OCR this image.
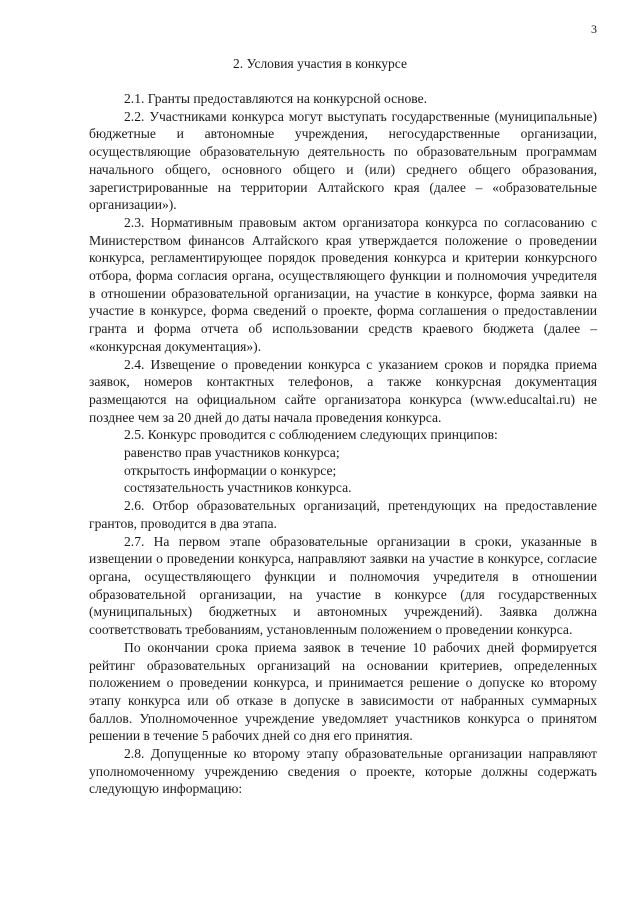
3
2. Условия участия в конкурсе

2.1. Гранты предоставляются на конкурсной основе.

2.2. Участниками конкурса могут выступать государственные (муниципальные) бюджетные и автономные учреждения, негосударственные организации, осуществляющие образовательную деятельность по образовательным программам начального общего, основного общего и (или) среднего общего образования, зарегистрированные на территории Алтайского края (далее – «образовательные организации»).

2.3. Нормативным правовым актом организатора конкурса по согласованию с Министерством финансов Алтайского края утверждается положение о проведении конкурса, регламентирующее порядок проведения конкурса и критерии конкурсного отбора, форма согласия органа, осуществляющего функции и полномочия учредителя в отношении образовательной организации, на участие в конкурсе, форма заявки на участие в конкурсе, форма сведений о проекте, форма соглашения о предоставлении гранта и форма отчета об использовании средств краевого бюджета (далее – «конкурсная документация»).

2.4. Извещение о проведении конкурса с указанием сроков и порядка приема заявок, номеров контактных телефонов, а также конкурсная документация размещаются на официальном сайте организатора конкурса (www.educaltai.ru) не позднее чем за 20 дней до даты начала проведения конкурса.

2.5. Конкурс проводится с соблюдением следующих принципов:

равенство прав участников конкурса;

открытость информации о конкурсе;

состязательность участников конкурса.

2.6. Отбор образовательных организаций, претендующих на предоставление грантов, проводится в два этапа.

2.7. На первом этапе образовательные организации в сроки, указанные в извещении о проведении конкурса, направляют заявки на участие в конкурсе, согласие органа, осуществляющего функции и полномочия учредителя в отношении образовательной организации, на участие в конкурсе (для государственных (муниципальных) бюджетных и автономных учреждений). Заявка должна соответствовать требованиям, установленным положением о проведении конкурса.

По окончании срока приема заявок в течение 10 рабочих дней формируется рейтинг образовательных организаций на основании критериев, определенных положением о проведении конкурса, и принимается решение о допуске ко второму этапу конкурса или об отказе в допуске в зависимости от набранных суммарных баллов. Уполномоченное учреждение уведомляет участников конкурса о принятом решении в течение 5 рабочих дней со дня его принятия.

2.8. Допущенные ко второму этапу образовательные организации направляют уполномоченному учреждению сведения о проекте, которые должны содержать следующую информацию:
